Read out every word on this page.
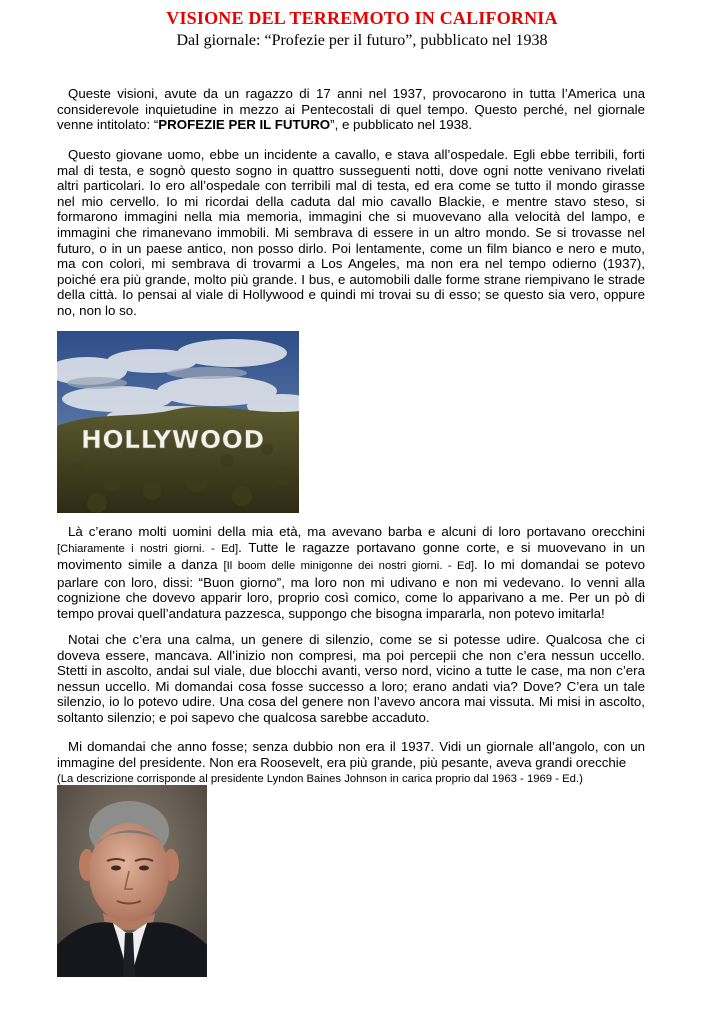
VISIONE DEL TERREMOTO IN CALIFORNIA

Dal giornale: “Profezie per il futuro”, pubblicato nel 1938

Queste visioni, avute da un ragazzo di 17 anni nel 1937, provocarono in tutta l’America una considerevole inquietudine in mezzo ai Pentecostali di quel tempo. Questo perché, nel giornale venne intitolato: “PROFEZIE PER IL FUTURO”, e pubblicato nel 1938.

Questo giovane uomo, ebbe un incidente a cavallo, e stava all’ospedale. Egli ebbe terribili, forti mal di testa, e sognò questo sogno in quattro susseguenti notti, dove ogni notte venivano rivelati altri particolari. Io ero all’ospedale con terribili mal di testa, ed era come se tutto il mondo girasse nel mio cervello. Io mi ricordai della caduta dal mio cavallo Blackie, e mentre stavo steso, si formarono immagini nella mia memoria, immagini che si muovevano alla velocità del lampo, e immagini che rimanevano immobili. Mi sembrava di essere in un altro mondo. Se si trovasse nel futuro, o in un paese antico, non posso dirlo. Poi lentamente, come un film bianco e nero e muto, ma con colori, mi sembrava di trovarmi a Los Angeles, ma non era nel tempo odierno (1937), poiché era più grande, molto più grande. I bus, e automobili dalle forme strane riempivano le strade della città. Io pensai al viale di Hollywood e quindi mi trovai su di esso; se questo sia vero, oppure no, non lo so.

HOLLYWOOD

Là c’erano molti uomini della mia età, ma avevano barba e alcuni di loro portavano orecchini [Chiaramente i nostri giorni. - Ed]. Tutte le ragazze portavano gonne corte, e si muovevano in un movimento simile a danza [Il boom delle minigonne dei nostri giorni. - Ed]. Io mi domandai se potevo parlare con loro, dissi: “Buon giorno”, ma loro non mi udivano e non mi vedevano. Io venni alla cognizione che dovevo apparir loro, proprio così comico, come lo apparivano a me. Per un pò di tempo provai quell’andatura pazzesca, suppongo che bisogna impararla, non potevo imitarla!

Notai che c’era una calma, un genere di silenzio, come se si potesse udire. Qualcosa che ci doveva essere, mancava. All’inizio non compresi, ma poi percepii che non c’era nessun uccello. Stetti in ascolto, andai sul viale, due blocchi avanti, verso nord, vicino a tutte le case, ma non c’era nessun uccello. Mi domandai cosa fosse successo a loro; erano andati via? Dove? C’era un tale silenzio, io lo potevo udire. Una cosa del genere non l’avevo ancora mai vissuta. Mi misi in ascolto, soltanto silenzio; e poi sapevo che qualcosa sarebbe accaduto.

Mi domandai che anno fosse; senza dubbio non era il 1937. Vidi un giornale all’angolo, con un immagine del presidente. Non era Roosevelt, era più grande, più pesante, aveva grandi orecchie
(La descrizione corrisponde al presidente Lyndon Baines Johnson in carica proprio dal 1963 - 1969 - Ed.)
